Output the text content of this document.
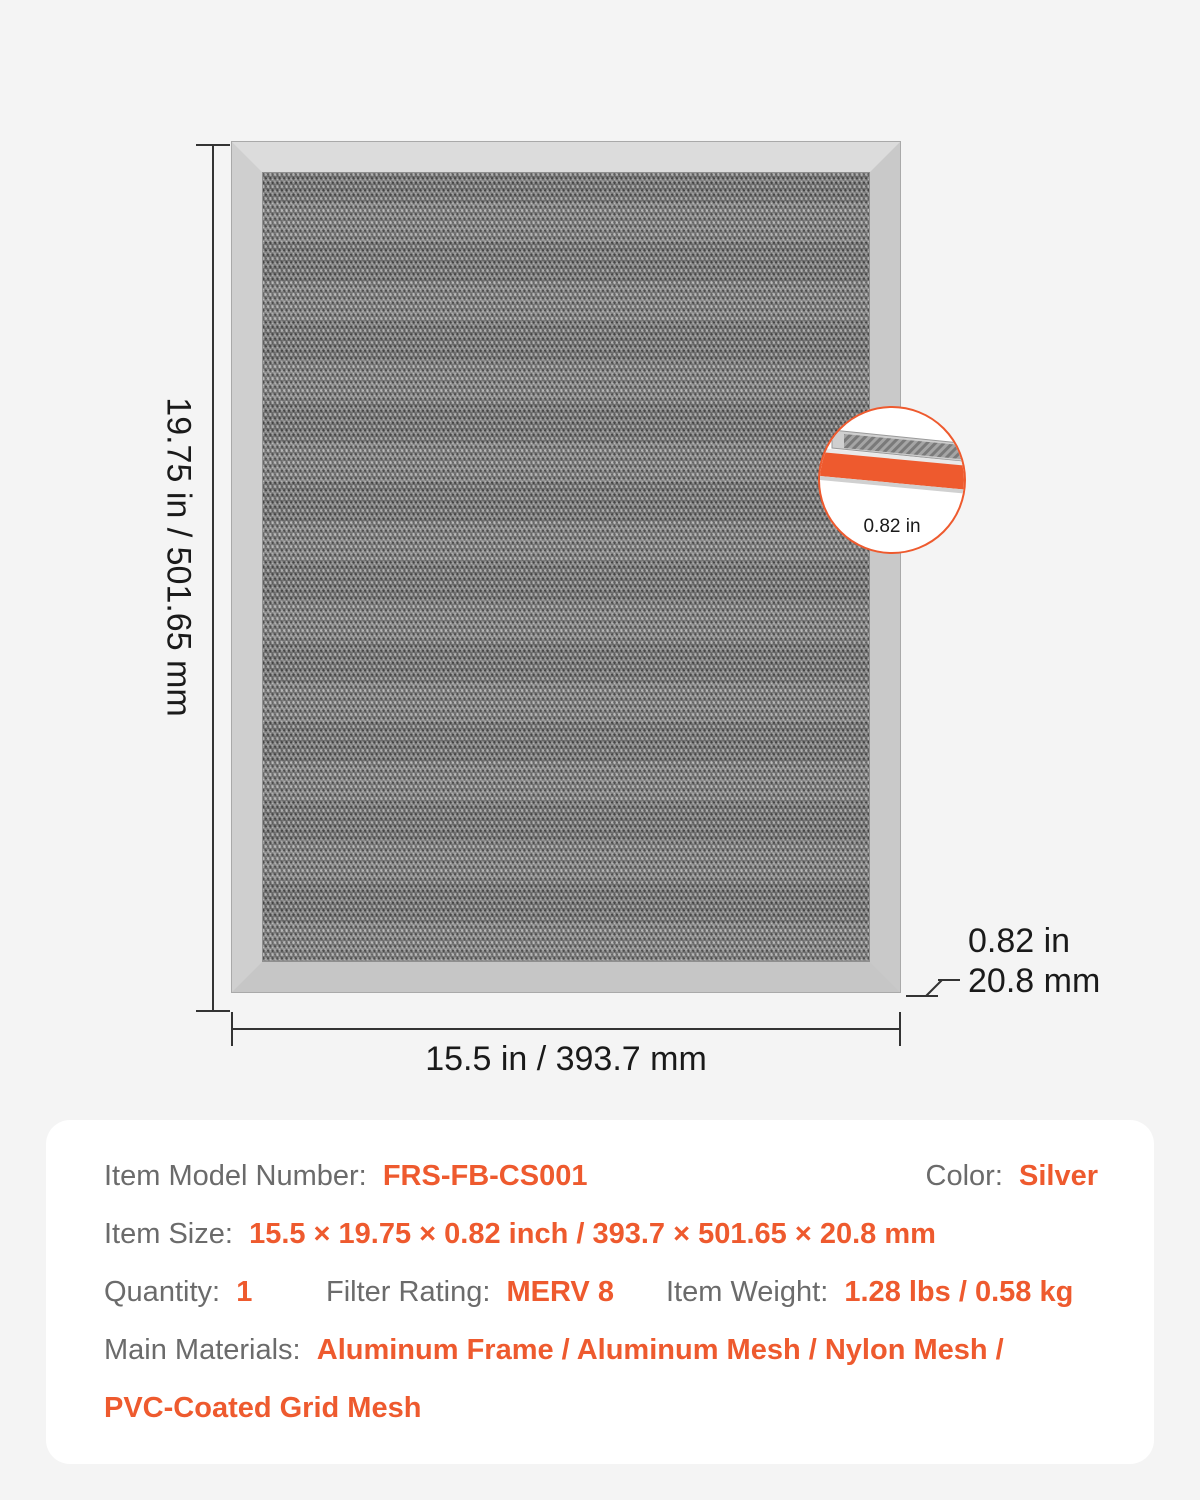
19.75 in / 501.65 mm
15.5 in / 393.7 mm
0.82 in
20.8 mm
0.82 in
Item Model Number: FRS-FB-CS001	Color: Silver
Item Size: 15.5 × 19.75 × 0.82 inch / 393.7 × 501.65 × 20.8 mm
Quantity: 1	Filter Rating: MERV 8 Item Weight: 1.28 lbs / 0.58 kg
Main Materials: Aluminum Frame / Aluminum Mesh / Nylon Mesh /
PVC-Coated Grid Mesh
